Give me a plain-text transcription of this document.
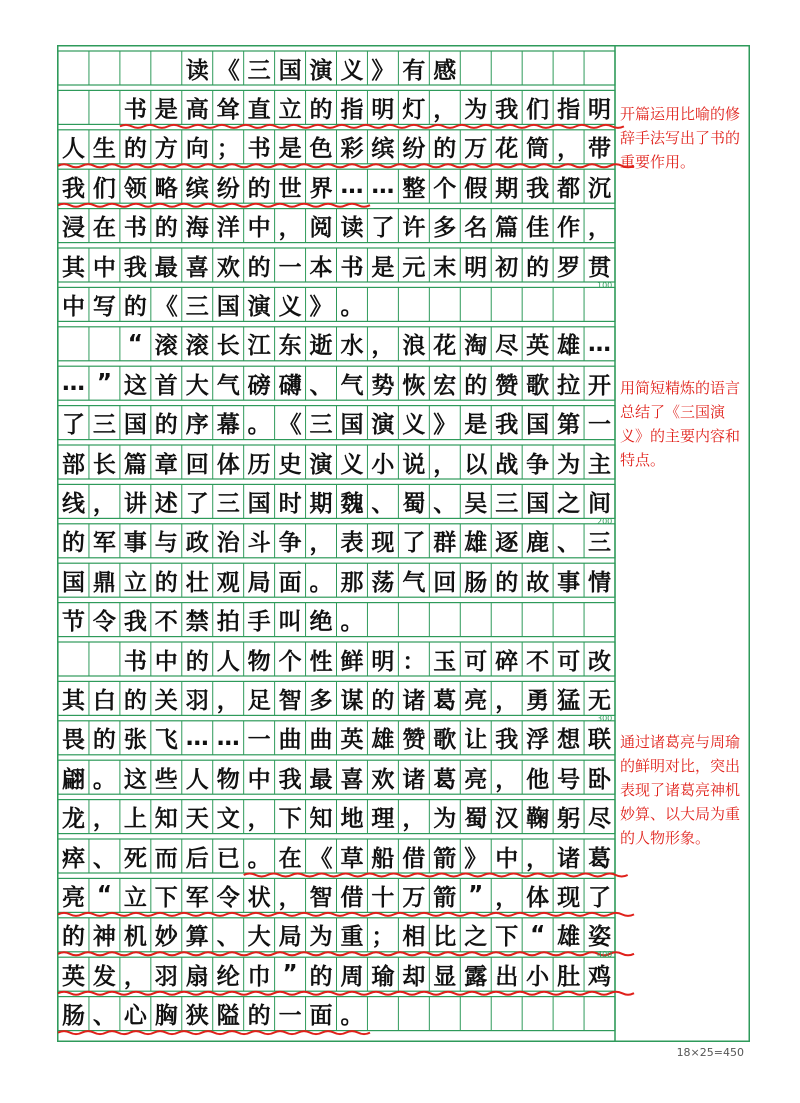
读 《 三 国 演 义 》 有 感
书 是 高 耸 直 立 的 指 明 灯 ， 为 我 们 指 明
人 生 的 方 向 ； 书 是 色 彩 缤 纷 的 万 花 筒 ， 带
我 们 领 略 缤 纷 的 世 界 … … 整 个 假 期 我 都 沉
浸 在 书 的 海 洋 中 ， 阅 读 了 许 多 名 篇 佳 作 ，
其 中 我 最 喜 欢 的 一 本 书 是 元 末 明 初 的 罗 贯
中 写 的 《 三 国 演 义 》 。
“ 滚 滚 长 江 东 逝 水 ， 浪 花 淘 尽 英 雄 …
… ” 这 首 大 气 磅 礴 、 气 势 恢 宏 的 赞 歌 拉 开
了 三 国 的 序 幕 。 《 三 国 演 义 》 是 我 国 第 一
部 长 篇 章 回 体 历 史 演 义 小 说 ， 以 战 争 为 主
线 ， 讲 述 了 三 国 时 期 魏 、 蜀 、 吴 三 国 之 间
的 军 事 与 政 治 斗 争 ， 表 现 了 群 雄 逐 鹿 、 三
国 鼎 立 的 壮 观 局 面 。 那 荡 气 回 肠 的 故 事 情
节 令 我 不 禁 拍 手 叫 绝 。
书 中 的 人 物 个 性 鲜 明 ： 玉 可 碎 不 可 改
其 白 的 关 羽 ， 足 智 多 谋 的 诸 葛 亮 ， 勇 猛 无
畏 的 张 飞 … … 一 曲 曲 英 雄 赞 歌 让 我 浮 想 联
翩 。 这 些 人 物 中 我 最 喜 欢 诸 葛 亮 ， 他 号 卧
龙 ， 上 知 天 文 ， 下 知 地 理 ， 为 蜀 汉 鞠 躬 尽
瘁 、 死 而 后 已 。 在 《 草 船 借 箭 》 中 ， 诸 葛
亮 “ 立 下 军 令 状 ， 智 借 十 万 箭 ” ， 体 现 了
的 神 机 妙 算 、 大 局 为 重 ； 相 比 之 下 “ 雄 姿
英 发 ， 羽 扇 纶 巾 ” 的 周 瑜 却 显 露 出 小 肚 鸡
肠 、 心 胸 狭 隘 的 一 面 。
100
200
300
400
开篇运用比喻的修辞手法写出了书的重要作用。
用简短精炼的语言总结了《三国演义》的主要内容和特点。
通过诸葛亮与周瑜的鲜明对比，突出表现了诸葛亮神机妙算、以大局为重的人物形象。
18×25=450
